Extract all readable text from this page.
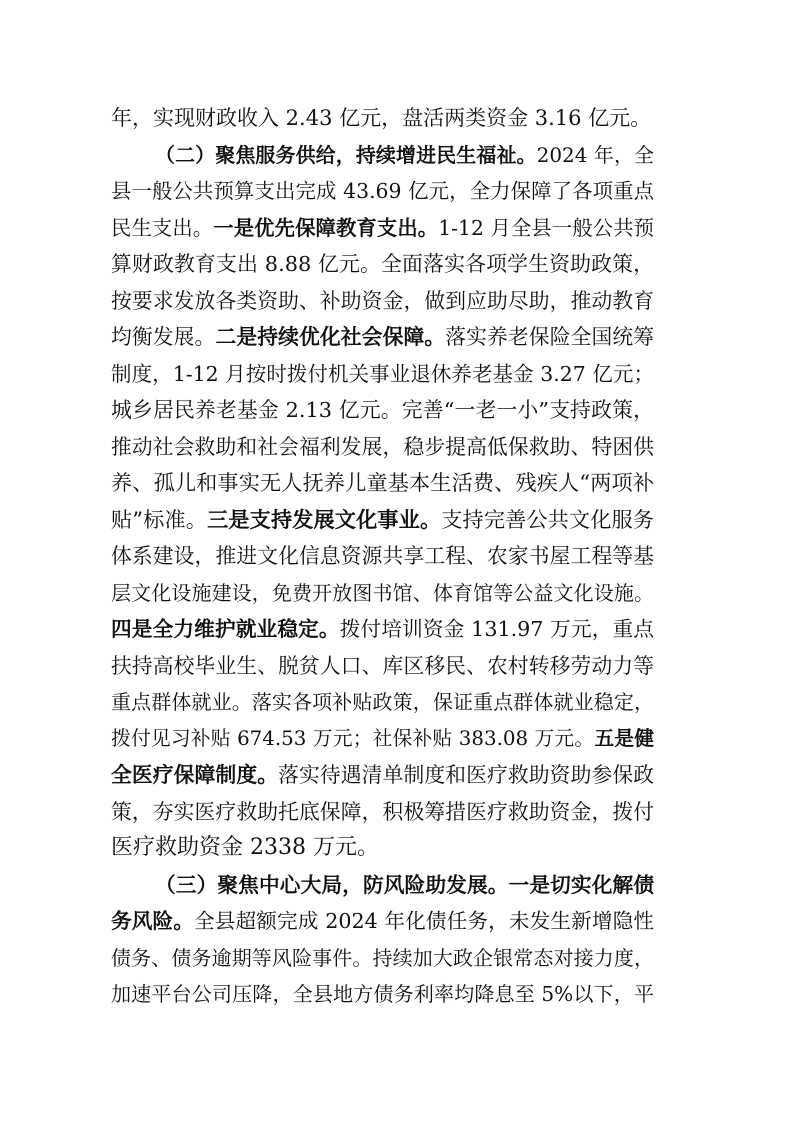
年，实现财政收入 2.43 亿元，盘活两类资金 3.16 亿元。
（二）聚焦服务供给，持续增进民生福祉。2024 年，全
县一般公共预算支出完成 43.69 亿元，全力保障了各项重点
民生支出。一是优先保障教育支出。1-12 月全县一般公共预
算财政教育支出 8.88 亿元。全面落实各项学生资助政策，
按要求发放各类资助、补助资金，做到应助尽助，推动教育
均衡发展。二是持续优化社会保障。落实养老保险全国统筹
制度，1-12 月按时拨付机关事业退休养老基金 3.27 亿元；
城乡居民养老基金 2.13 亿元。完善“一老一小”支持政策，
推动社会救助和社会福利发展，稳步提高低保救助、特困供
养、孤儿和事实无人抚养儿童基本生活费、残疾人“两项补
贴”标准。三是支持发展文化事业。支持完善公共文化服务
体系建设，推进文化信息资源共享工程、农家书屋工程等基
层文化设施建设，免费开放图书馆、体育馆等公益文化设施。
四是全力维护就业稳定。拨付培训资金 131.97 万元，重点
扶持高校毕业生、脱贫人口、库区移民、农村转移劳动力等
重点群体就业。落实各项补贴政策，保证重点群体就业稳定，
拨付见习补贴 674.53 万元；社保补贴 383.08 万元。五是健
全医疗保障制度。落实待遇清单制度和医疗救助资助参保政
策，夯实医疗救助托底保障，积极筹措医疗救助资金，拨付
医疗救助资金 2338 万元。
（三）聚焦中心大局，防风险助发展。一是切实化解债
务风险。全县超额完成 2024 年化债任务，未发生新增隐性
债务、债务逾期等风险事件。持续加大政企银常态对接力度，
加速平台公司压降，全县地方债务利率均降息至 5%以下，平
